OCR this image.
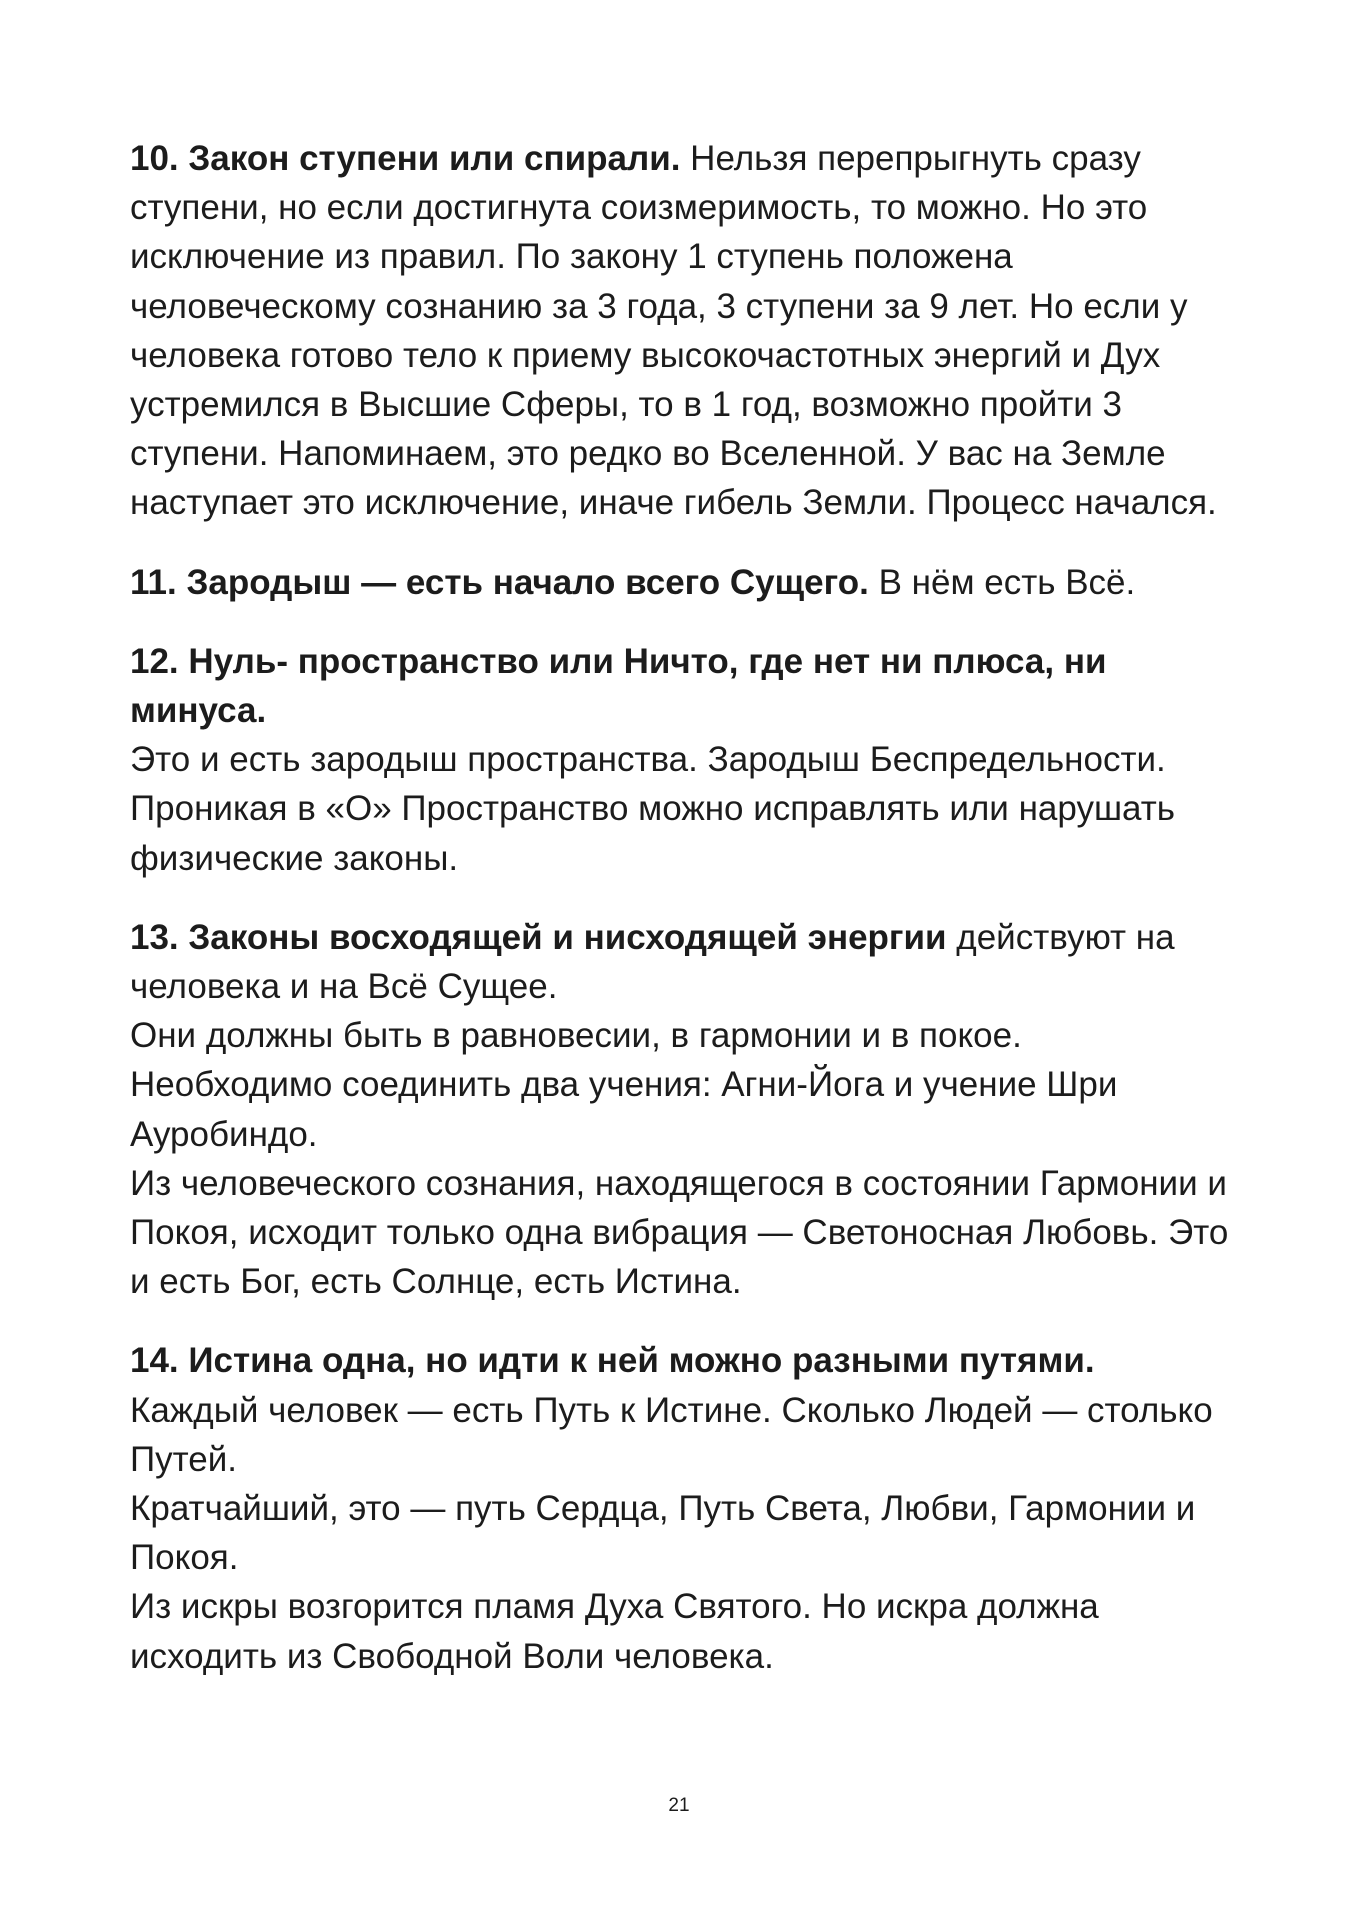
10. Закон ступени или спирали. Нельзя перепрыгнуть сразу ступени, но если достигнута соизмеримость, то можно. Но это исключение из правил. По закону 1 ступень положена человеческому сознанию за 3 года, 3 ступени за 9 лет. Но если у человека готово тело к приему высокочастотных энергий и Дух устремился в Высшие Сферы, то в 1 год, возможно пройти 3 ступени. Напоминаем, это редко во Вселенной. У вас на Земле наступает это исключение, иначе гибель Земли. Процесс начался.

11. Зародыш — есть начало всего Сущего. В нём есть Всё.

12. Нуль- пространство или Ничто, где нет ни плюса, ни минуса.

Это и есть зародыш пространства. Зародыш Беспредельности. Проникая в «О» Пространство можно исправлять или нарушать физические законы.

13. Законы восходящей и нисходящей энергии действуют на человека и на Всё Сущее.

Они должны быть в равновесии, в гармонии и в покое.

Необходимо соединить два учения: Агни-Йога и учение Шри Ауробиндо.

Из человеческого сознания, находящегося в состоянии Гармонии и Покоя, исходит только одна вибрация — Светоносная Любовь. Это и есть Бог, есть Солнце, есть Истина.

14. Истина одна, но идти к ней можно разными путями.

Каждый человек — есть Путь к Истине. Сколько Людей — столько Путей.

Кратчайший, это — путь Сердца, Путь Света, Любви, Гармонии и Покоя.

Из искры возгорится пламя Духа Святого. Но искра должна исходить из Свободной Воли человека.

21
